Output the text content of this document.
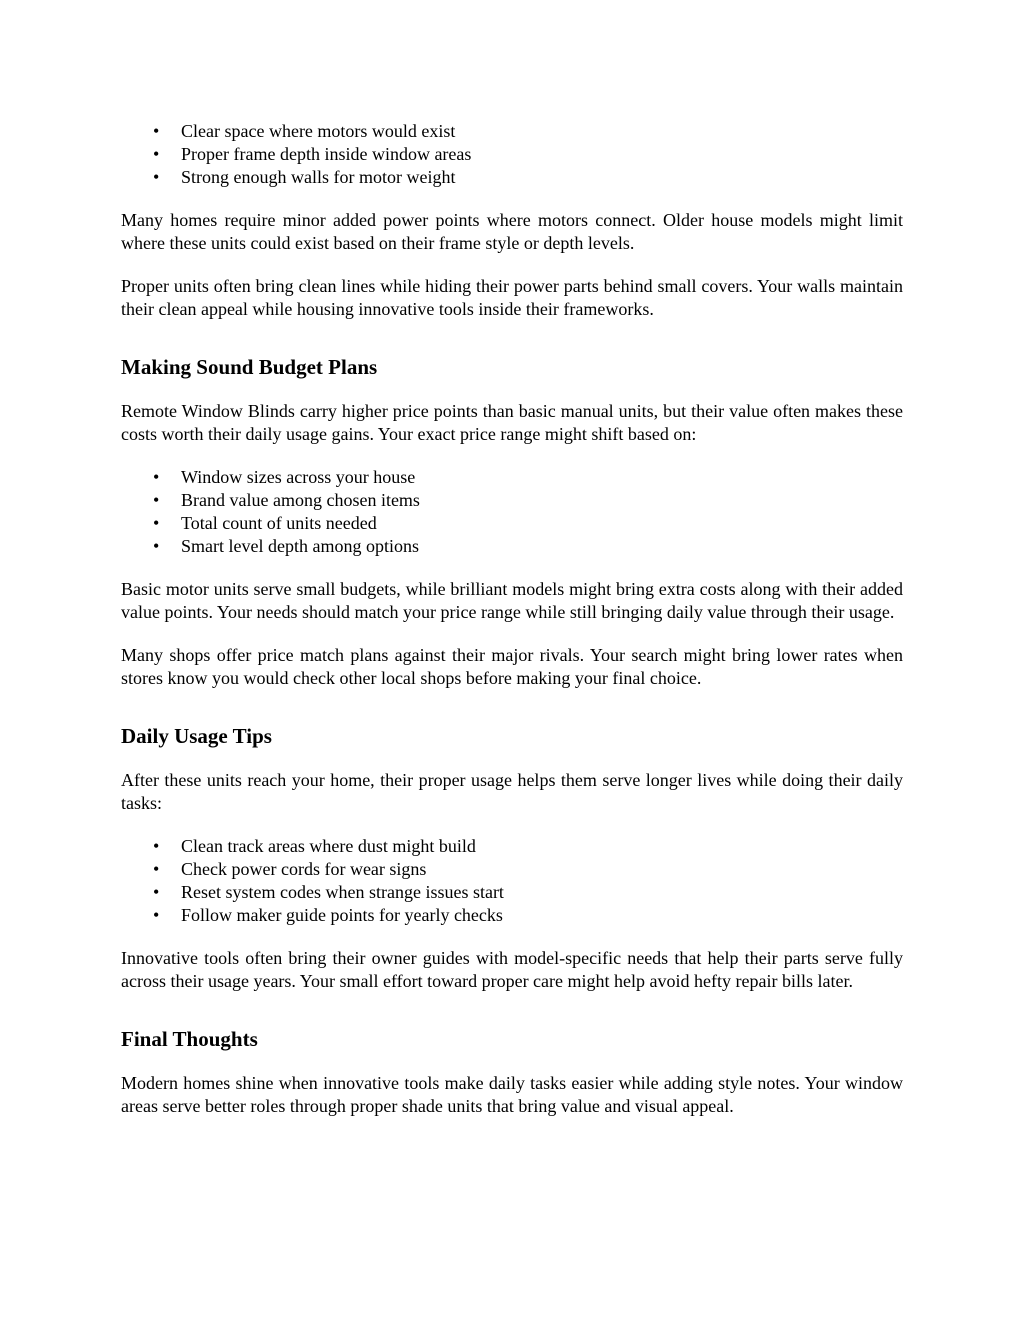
• Clear space where motors would exist
• Proper frame depth inside window areas
• Strong enough walls for motor weight

Many homes require minor added power points where motors connect. Older house models might limit where these units could exist based on their frame style or depth levels.

Proper units often bring clean lines while hiding their power parts behind small covers. Your walls maintain their clean appeal while housing innovative tools inside their frameworks.

Making Sound Budget Plans

Remote Window Blinds carry higher price points than basic manual units, but their value often makes these costs worth their daily usage gains. Your exact price range might shift based on:

• Window sizes across your house
• Brand value among chosen items
• Total count of units needed
• Smart level depth among options

Basic motor units serve small budgets, while brilliant models might bring extra costs along with their added value points. Your needs should match your price range while still bringing daily value through their usage.

Many shops offer price match plans against their major rivals. Your search might bring lower rates when stores know you would check other local shops before making your final choice.

Daily Usage Tips

After these units reach your home, their proper usage helps them serve longer lives while doing their daily tasks:

• Clean track areas where dust might build
• Check power cords for wear signs
• Reset system codes when strange issues start
• Follow maker guide points for yearly checks

Innovative tools often bring their owner guides with model-specific needs that help their parts serve fully across their usage years. Your small effort toward proper care might help avoid hefty repair bills later.

Final Thoughts

Modern homes shine when innovative tools make daily tasks easier while adding style notes. Your window areas serve better roles through proper shade units that bring value and visual appeal.
